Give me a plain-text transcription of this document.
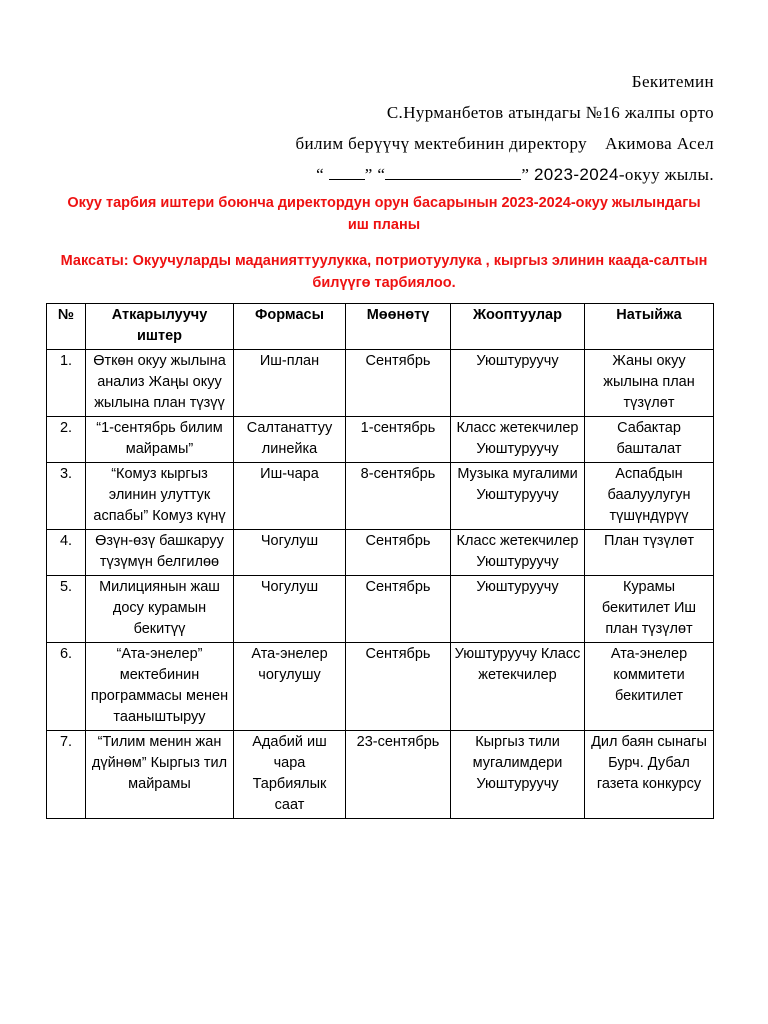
Бекитемин
С.Нурманбетов атындагы №16 жалпы орто
билим берүүчү мектебинин директору Акимова Асел
“ ” “	” 2023-2024-окуу жылы.
Окуу тарбия иштери боюнча директордун орун басарынын 2023-2024-окуу жылындагы иш планы
Максаты: Окуучуларды маданияттуулукка, потриотуулука , кыргыз элинин каада-салтын билүүгө тарбиялоо.
№	Аткарылуучу иштер	Формасы	Мөөнөтү	Жооптуулар	Натыйжа
1.	Өткөн окуу жылына анализ Жаңы окуу жылына план түзүү	Иш-план	Сентябрь	Уюштуруучу	Жаны окуу жылына план түзүлөт
2.	“1-сентябрь билим майрамы”	Салтанаттуу линейка	1-сентябрь	Класс жетекчилер Уюштуруучу	Сабактар башталат
3.	“Комуз кыргыз элинин улуттук аспабы” Комуз күнү	Иш-чара	8-сентябрь	Музыка мугалими Уюштуруучу	Аспабдын баалуулугун түшүндүрүү
4.	Өзүн-өзү башкаруу түзүмүн белгилөө	Чогулуш	Сентябрь	Класс жетекчилер Уюштуруучу	План түзүлөт
5.	Милициянын жаш досу курамын бекитүү	Чогулуш	Сентябрь	Уюштуруучу	Курамы бекитилет Иш план түзүлөт
6.	“Ата-энелер” мектебинин программасы менен тааныштыруу	Ата-энелер чогулушу	Сентябрь	Уюштуруучу Класс жетекчилер	Ата-энелер коммитети бекитилет
7.	“Тилим менин жан дүйнөм” Кыргыз тил майрамы	Адабий иш чара Тарбиялык саат	23-сентябрь	Кыргыз тили мугалимдери Уюштуруучу	Дил баян сынагы Бурч. Дубал газета конкурсу
